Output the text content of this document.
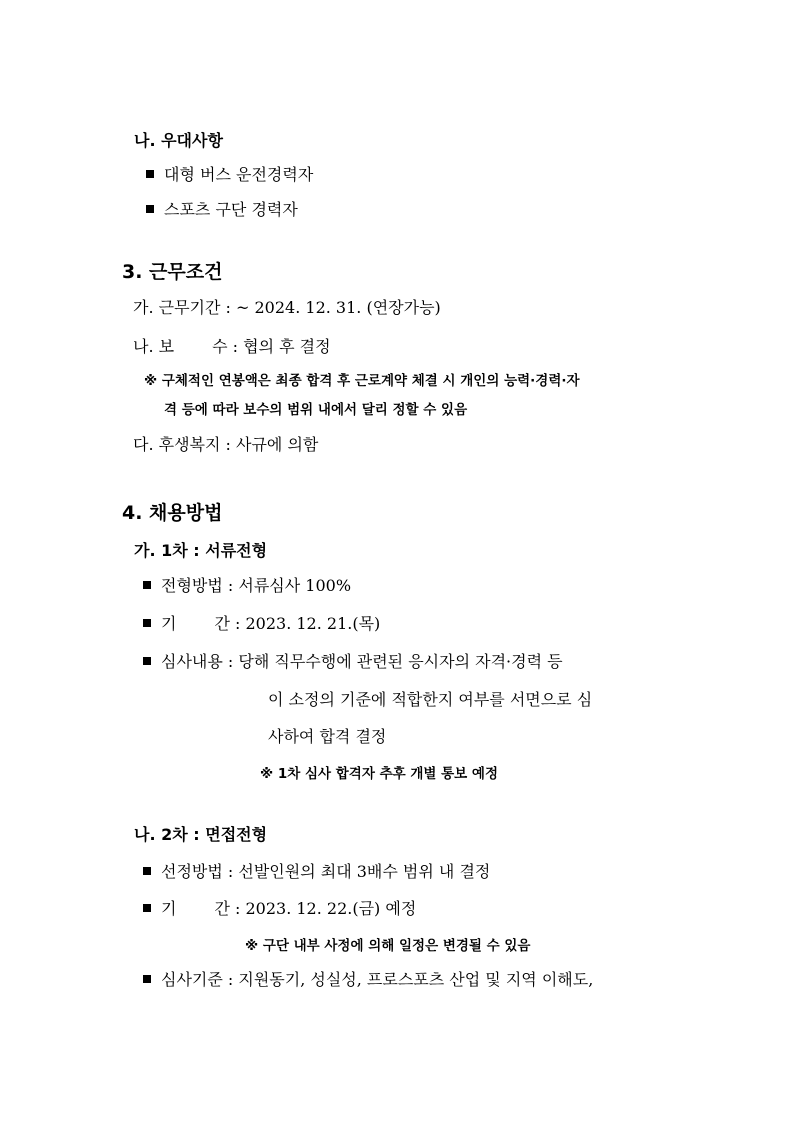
나. 우대사항
대형 버스 운전경력자
스포츠 구단 경력자
3. 근무조건
가. 근무기간 : ~ 2024. 12. 31. (연장가능)
나. 보 수 : 협의 후 결정
※ 구체적인 연봉액은 최종 합격 후 근로계약 체결 시 개인의 능력·경력·자
격 등에 따라 보수의 범위 내에서 달리 정할 수 있음
다. 후생복지 : 사규에 의함
4. 채용방법
가. 1차 : 서류전형
전형방법 : 서류심사 100%
기 간 : 2023. 12. 21.(목)
심사내용 : 당해 직무수행에 관련된 응시자의 자격·경력 등
이 소정의 기준에 적합한지 여부를 서면으로 심
사하여 합격 결정
※ 1차 심사 합격자 추후 개별 통보 예정
나. 2차 : 면접전형
선정방법 : 선발인원의 최대 3배수 범위 내 결정
기 간 : 2023. 12. 22.(금) 예정
※ 구단 내부 사정에 의해 일정은 변경될 수 있음
심사기준 : 지원동기, 성실성, 프로스포츠 산업 및 지역 이해도,
